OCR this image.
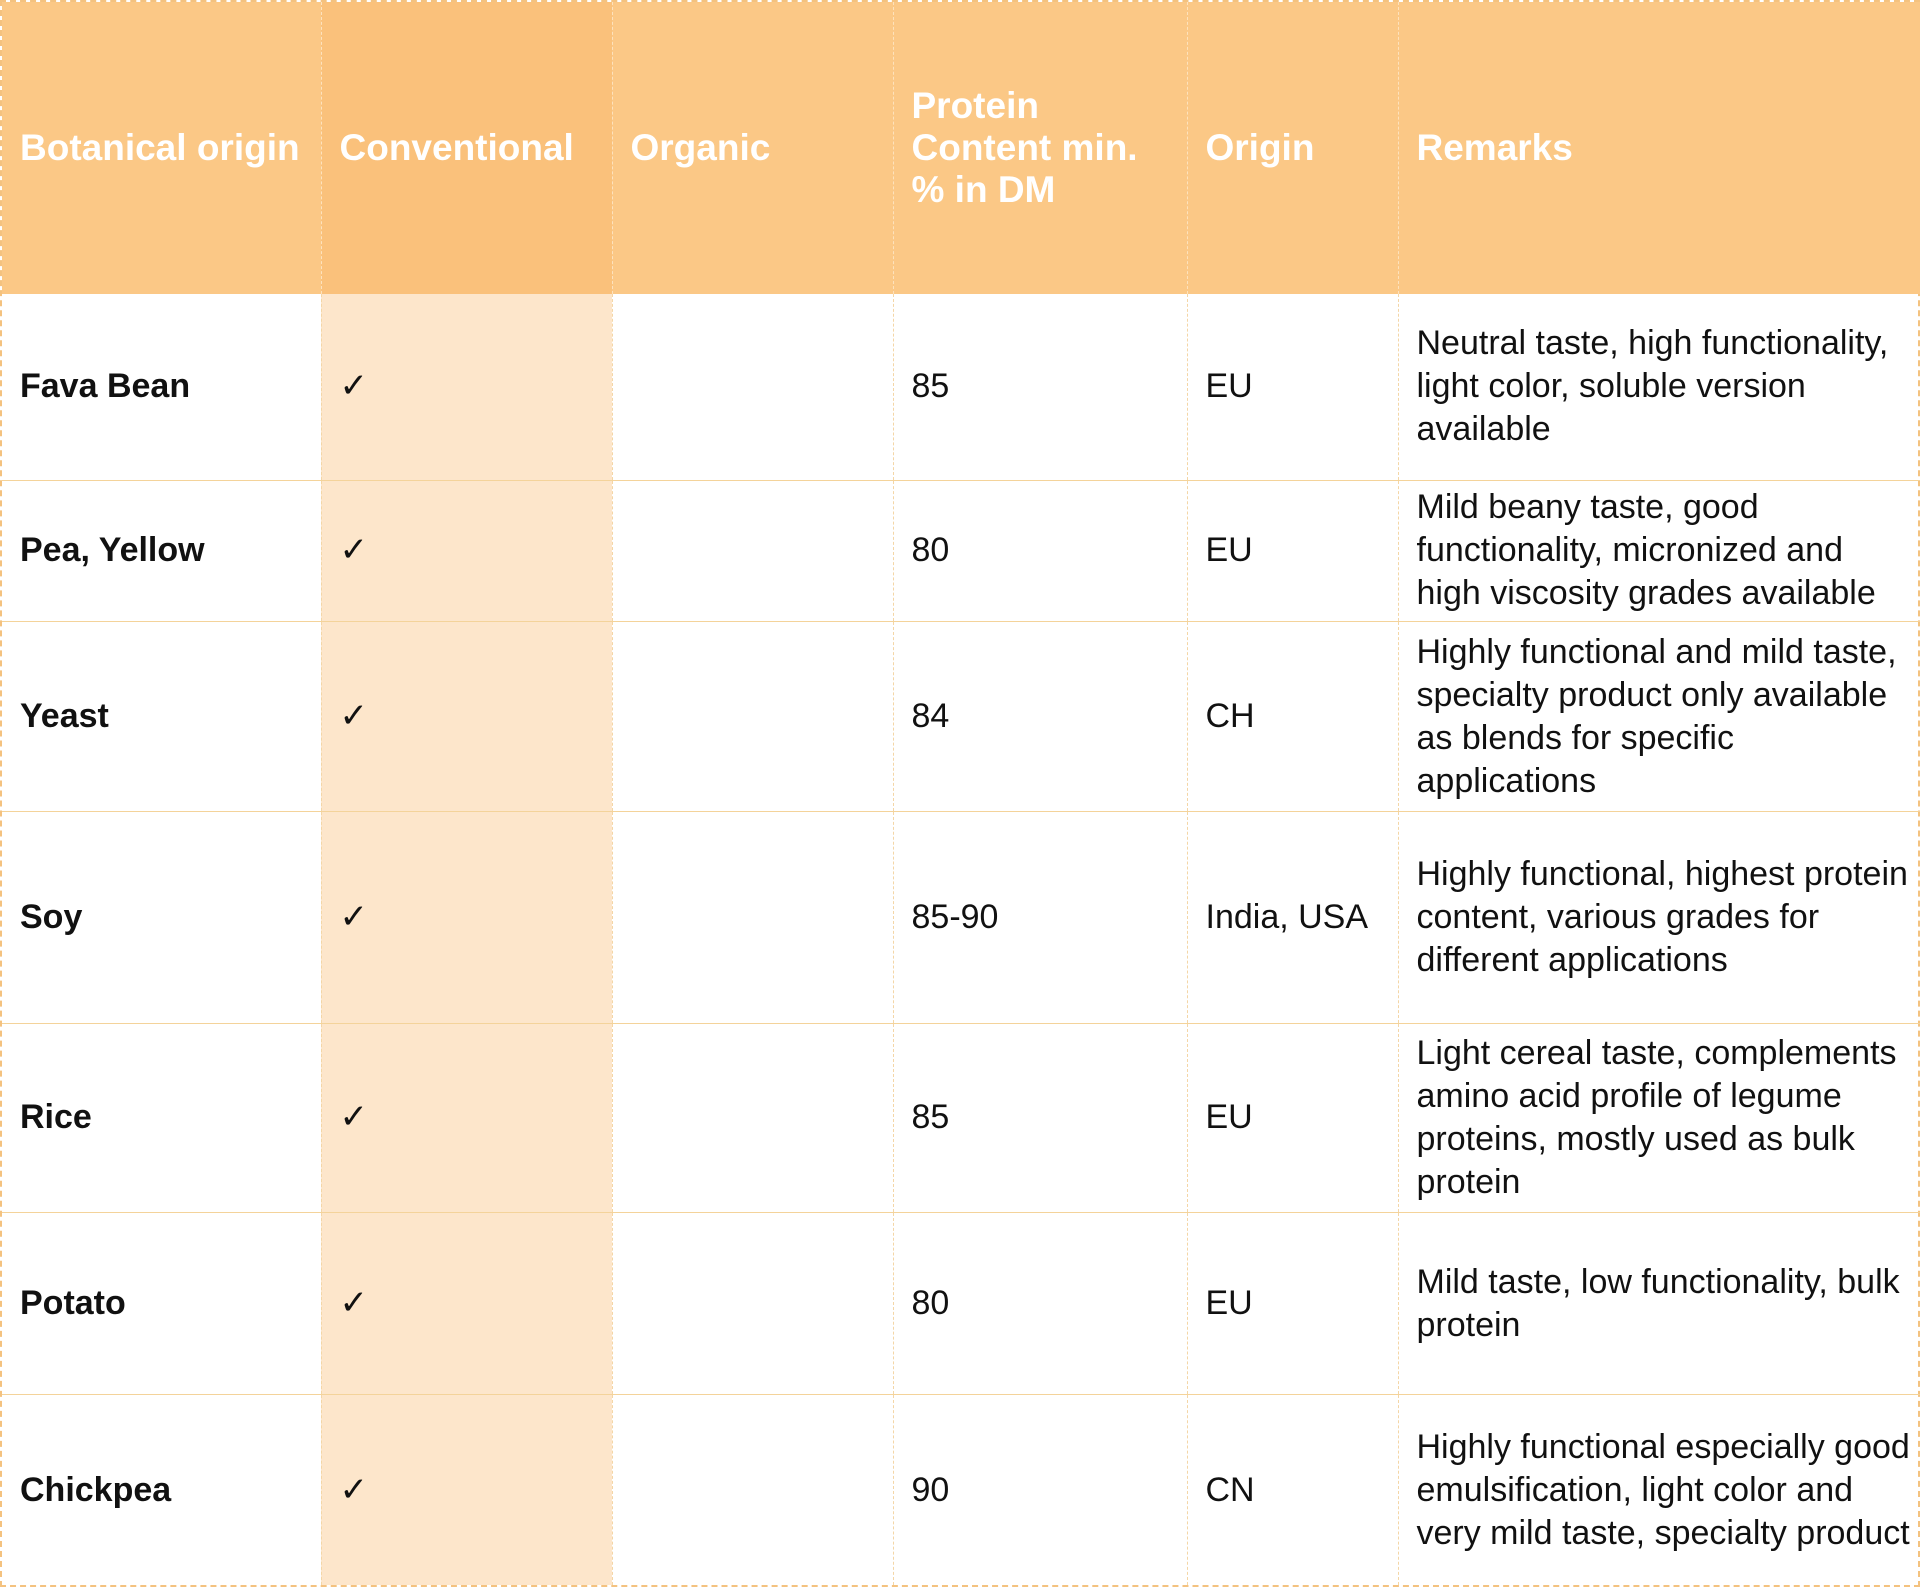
Botanical origin	Conventional	Organic	Protein Content min. % in DM	Origin	Remarks
Fava Bean	✓		85	EU	Neutral taste, high functionality, light color, soluble version available
Pea, Yellow	✓		80	EU	Mild beany taste, good functionality, micronized and high viscosity grades available
Yeast	✓		84	CH	Highly functional and mild taste, specialty product only available as blends for specific applications
Soy	✓		85-90	India, USA	Highly functional, highest protein content, various grades for different applications
Rice	✓		85	EU	Light cereal taste, complements amino acid profile of legume proteins, mostly used as bulk protein
Potato	✓		80	EU	Mild taste, low functionality, bulk protein
Chickpea	✓		90	CN	Highly functional especially good emulsification, light color and very mild taste, specialty product
